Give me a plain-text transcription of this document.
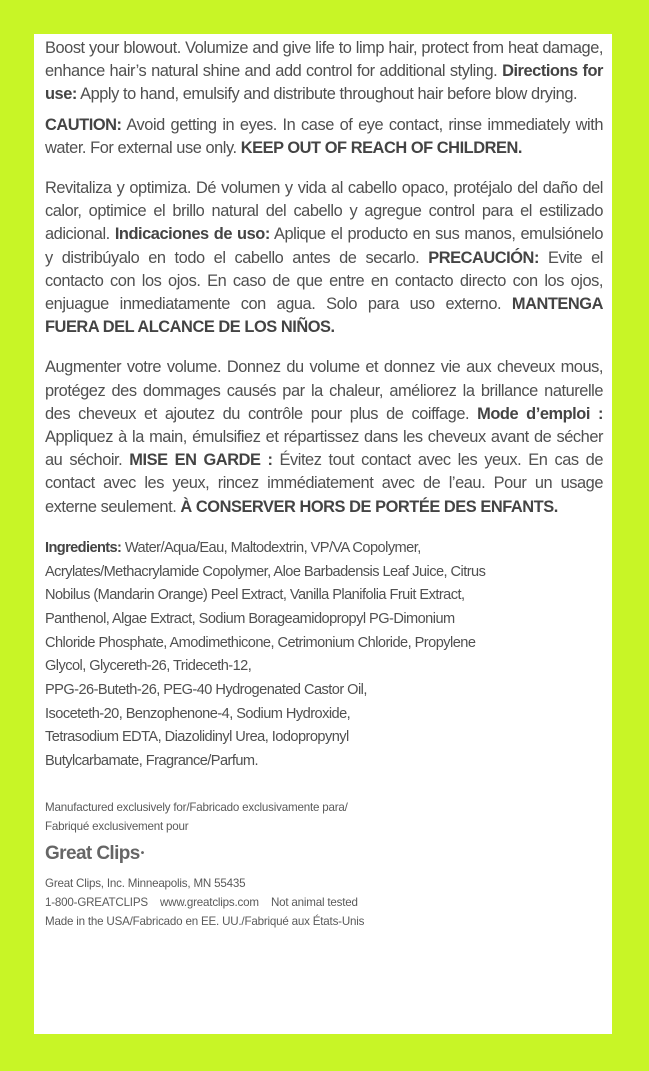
Boost your blowout. Volumize and give life to limp hair, protect from heat damage, enhance hair’s natural shine and add control for additional styling. Directions for use: Apply to hand, emulsify and distribute throughout hair before blow drying.

CAUTION: Avoid getting in eyes. In case of eye contact, rinse immediately with water. For external use only. KEEP OUT OF REACH OF CHILDREN.

Revitaliza y optimiza. Dé volumen y vida al cabello opaco, protéjalo del daño del calor, optimice el brillo natural del cabello y agregue control para el estilizado adicional. Indicaciones de uso: Aplique el producto en sus manos, emulsiónelo y distribúyalo en todo el cabello antes de secarlo. PRECAUCIÓN: Evite el contacto con los ojos. En caso de que entre en contacto directo con los ojos, enjuague inmediatamente con agua. Solo para uso externo. MANTENGA FUERA DEL ALCANCE DE LOS NIÑOS.

Augmenter votre volume. Donnez du volume et donnez vie aux cheveux mous, protégez des dommages causés par la chaleur, améliorez la brillance naturelle des cheveux et ajoutez du contrôle pour plus de coiffage. Mode d’emploi : Appliquez à la main, émulsifiez et répartissez dans les cheveux avant de sécher au séchoir. MISE EN GARDE : Évitez tout contact avec les yeux. En cas de contact avec les yeux, rincez immédiatement avec de l’eau. Pour un usage externe seulement. À CONSERVER HORS DE PORTÉE DES ENFANTS.

Ingredients: Water/Aqua/Eau, Maltodextrin, VP/VA Copolymer,
Acrylates/Methacrylamide Copolymer, Aloe Barbadensis Leaf Juice, Citrus
Nobilus (Mandarin Orange) Peel Extract, Vanilla Planifolia Fruit Extract,
Panthenol, Algae Extract, Sodium Borageamidopropyl PG-Dimonium
Chloride Phosphate, Amodimethicone, Cetrimonium Chloride, Propylene
Glycol, Glycereth-26, Trideceth-12,
PPG-26-Buteth-26, PEG-40 Hydrogenated Castor Oil,
Isoceteth-20, Benzophenone-4, Sodium Hydroxide,
Tetrasodium EDTA, Diazolidinyl Urea, Iodopropynyl
Butylcarbamate, Fragrance/Parfum.

Manufactured exclusively for/Fabricado exclusivamente para/

Fabriqué exclusivement pour

Great Clips•

Great Clips, Inc. Minneapolis, MN 55435

1-800-GREATCLIPS www.greatclips.com Not animal tested

Made in the USA/Fabricado en EE. UU./Fabriqué aux États-Unis
